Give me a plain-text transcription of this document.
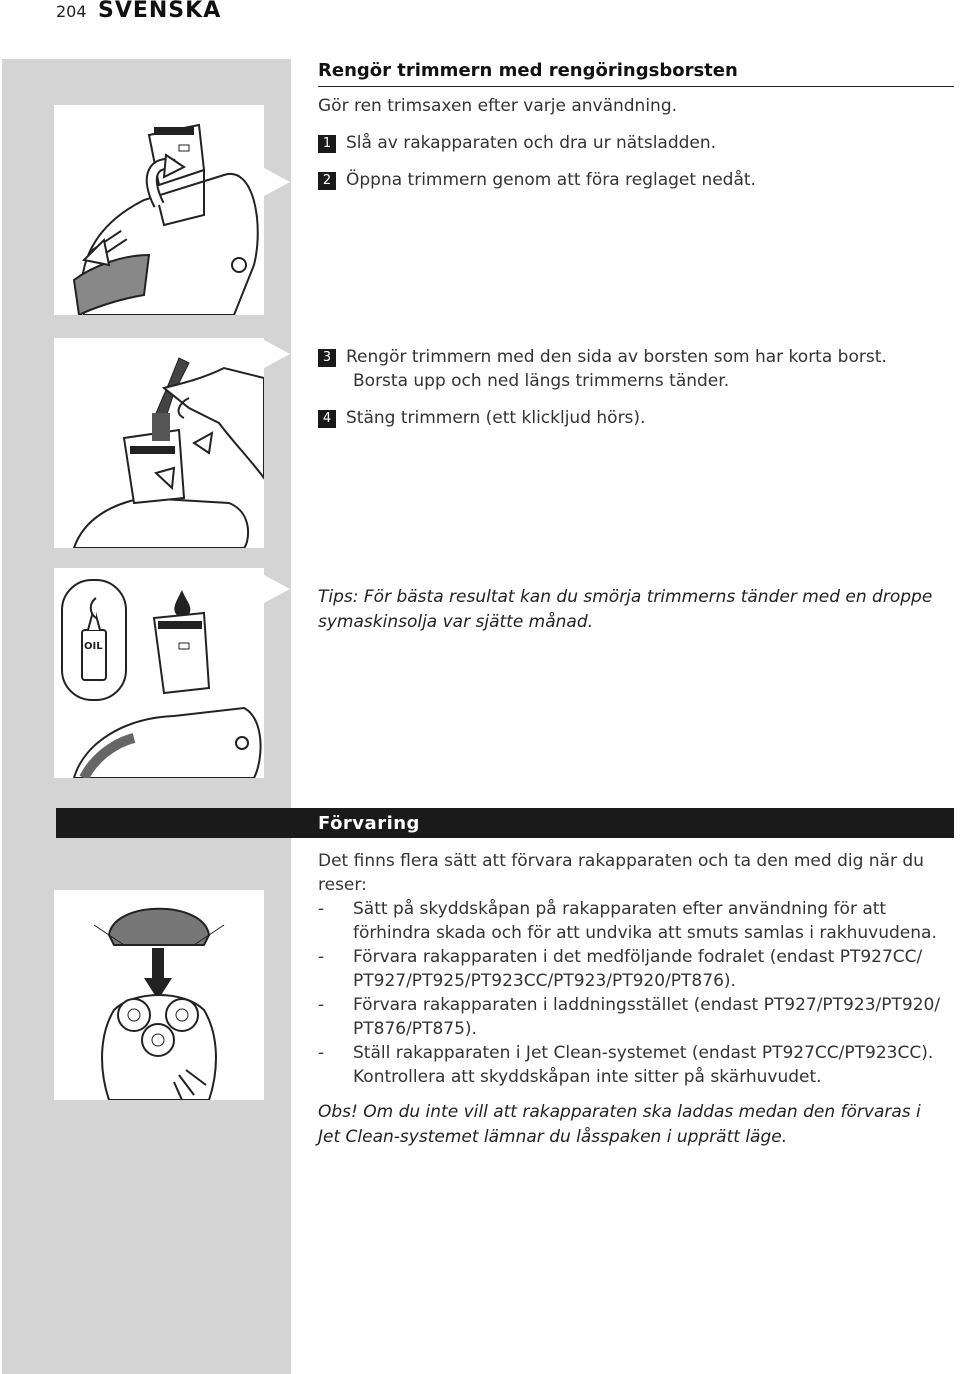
204 SVENSKA
OIL
Rengör trimmern med rengöringsborsten
Gör ren trimsaxen efter varje användning.
1 Slå av rakapparaten och dra ur nätsladden.
2 Öppna trimmern genom att föra reglaget nedåt.
3 Rengör trimmern med den sida av borsten som har korta borst.
Borsta upp och ned längs trimmerns tänder.
4 Stäng trimmern (ett klickljud hörs).
Tips: För bästa resultat kan du smörja trimmerns tänder med en droppe symaskinsolja var sjätte månad.
Förvaring
Det finns flera sätt att förvara rakapparaten och ta den med dig när du reser:
- Sätt på skyddskåpan på rakapparaten efter användning för att förhindra skada och för att undvika att smuts samlas i rakhuvudena.
- Förvara rakapparaten i det medföljande fodralet (endast PT927CC/ PT927/PT925/PT923CC/PT923/PT920/PT876).
- Förvara rakapparaten i laddningsstället (endast PT927/PT923/PT920/ PT876/PT875).
- Ställ rakapparaten i Jet Clean-systemet (endast PT927CC/PT923CC). Kontrollera att skyddskåpan inte sitter på skärhuvudet.
Obs! Om du inte vill att rakapparaten ska laddas medan den förvaras i Jet Clean-systemet lämnar du låsspaken i upprätt läge.
